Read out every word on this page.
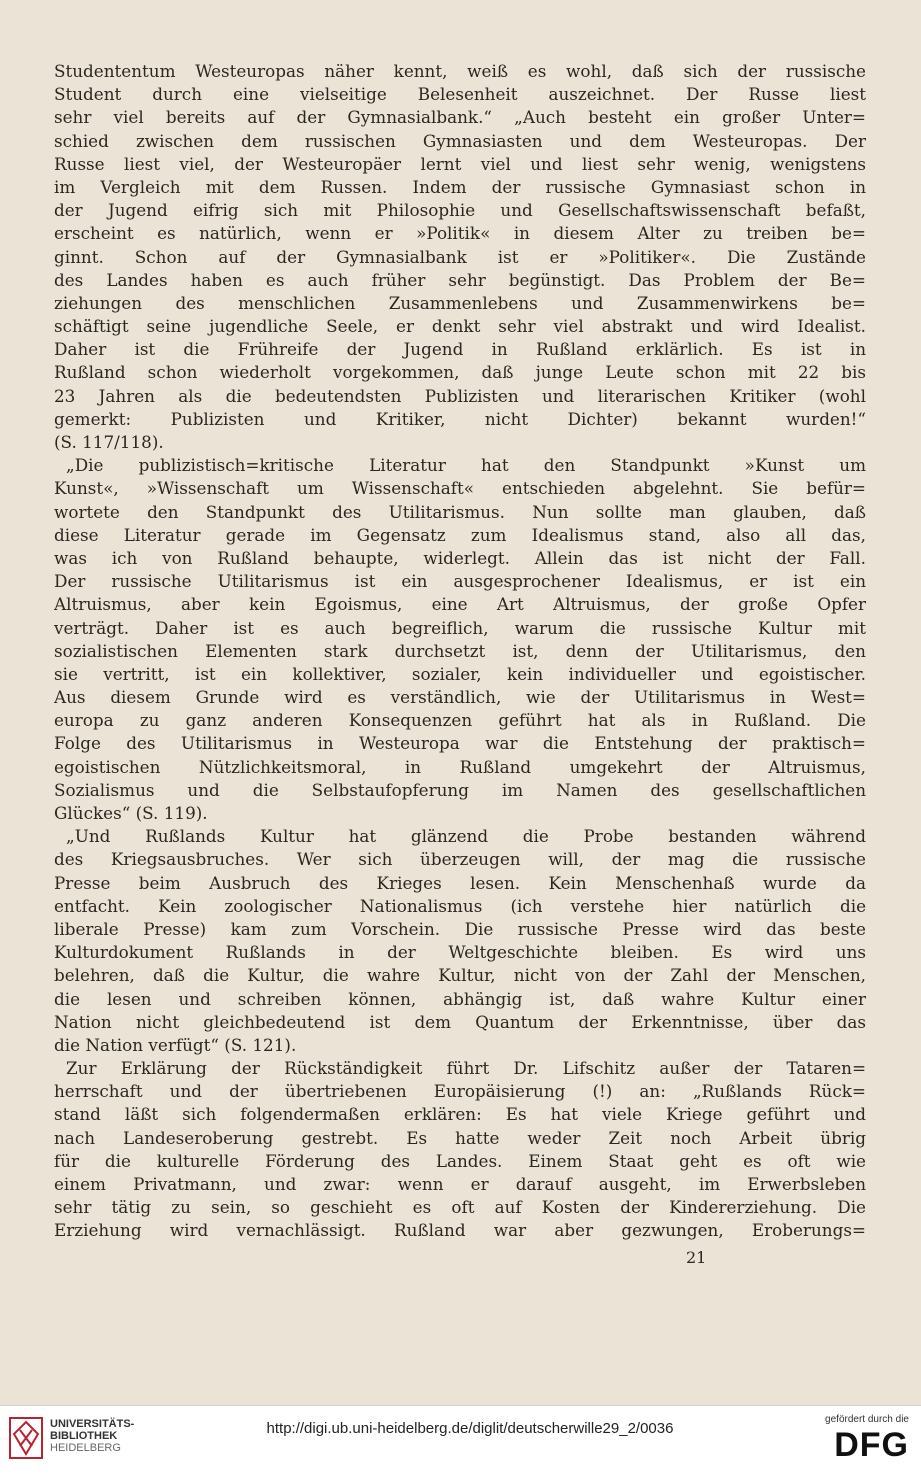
Studententum Westeuropas näher kennt, weiß es wohl, daß sich der russische
Student durch eine vielseitige Belesenheit auszeichnet. Der Russe liest
sehr viel bereits auf der Gymnasialbank.“ „Auch besteht ein großer Unter=
schied zwischen dem russischen Gymnasiasten und dem Westeuropas. Der
Russe liest viel, der Westeuropäer lernt viel und liest sehr wenig, wenigstens
im Vergleich mit dem Russen. Indem der russische Gymnasiast schon in
der Jugend eifrig sich mit Philosophie und Gesellschaftswissenschaft befaßt,
erscheint es natürlich, wenn er »Politik« in diesem Alter zu treiben be=
ginnt. Schon auf der Gymnasialbank ist er »Politiker«. Die Zustände
des Landes haben es auch früher sehr begünstigt. Das Problem der Be=
ziehungen des menschlichen Zusammenlebens und Zusammenwirkens be=
schäftigt seine jugendliche Seele, er denkt sehr viel abstrakt und wird Idealist.
Daher ist die Frühreife der Jugend in Rußland erklärlich. Es ist in
Rußland schon wiederholt vorgekommen, daß junge Leute schon mit 22 bis
23 Jahren als die bedeutendsten Publizisten und literarischen Kritiker (wohl
gemerkt: Publizisten und Kritiker, nicht Dichter) bekannt wurden!“
(S. 117/118).
„Die publizistisch=kritische Literatur hat den Standpunkt »Kunst um
Kunst«, »Wissenschaft um Wissenschaft« entschieden abgelehnt. Sie befür=
wortete den Standpunkt des Utilitarismus. Nun sollte man glauben, daß
diese Literatur gerade im Gegensatz zum Idealismus stand, also all das,
was ich von Rußland behaupte, widerlegt. Allein das ist nicht der Fall.
Der russische Utilitarismus ist ein ausgesprochener Idealismus, er ist ein
Altruismus, aber kein Egoismus, eine Art Altruismus, der große Opfer
verträgt. Daher ist es auch begreiflich, warum die russische Kultur mit
sozialistischen Elementen stark durchsetzt ist, denn der Utilitarismus, den
sie vertritt, ist ein kollektiver, sozialer, kein individueller und egoistischer.
Aus diesem Grunde wird es verständlich, wie der Utilitarismus in West=
europa zu ganz anderen Konsequenzen geführt hat als in Rußland. Die
Folge des Utilitarismus in Westeuropa war die Entstehung der praktisch=
egoistischen Nützlichkeitsmoral, in Rußland umgekehrt der Altruismus,
Sozialismus und die Selbstaufopferung im Namen des gesellschaftlichen
Glückes“ (S. 119).
„Und Rußlands Kultur hat glänzend die Probe bestanden während
des Kriegsausbruches. Wer sich überzeugen will, der mag die russische
Presse beim Ausbruch des Krieges lesen. Kein Menschenhaß wurde da
entfacht. Kein zoologischer Nationalismus (ich verstehe hier natürlich die
liberale Presse) kam zum Vorschein. Die russische Presse wird das beste
Kulturdokument Rußlands in der Weltgeschichte bleiben. Es wird uns
belehren, daß die Kultur, die wahre Kultur, nicht von der Zahl der Menschen,
die lesen und schreiben können, abhängig ist, daß wahre Kultur einer
Nation nicht gleichbedeutend ist dem Quantum der Erkenntnisse, über das
die Nation verfügt“ (S. 121).
Zur Erklärung der Rückständigkeit führt Dr. Lifschitz außer der Tataren=
herrschaft und der übertriebenen Europäisierung (!) an: „Rußlands Rück=
stand läßt sich folgendermaßen erklären: Es hat viele Kriege geführt und
nach Landeseroberung gestrebt. Es hatte weder Zeit noch Arbeit übrig
für die kulturelle Förderung des Landes. Einem Staat geht es oft wie
einem Privatmann, und zwar: wenn er darauf ausgeht, im Erwerbsleben
sehr tätig zu sein, so geschieht es oft auf Kosten der Kindererziehung. Die
Erziehung wird vernachlässigt. Rußland war aber gezwungen, Eroberungs=
21
UNIVERSITÄTS-
BIBLIOTHEK
HEIDELBERG
http://digi.ub.uni-heidelberg.de/diglit/deutscherwille29_2/0036
gefördert durch die
DFG
